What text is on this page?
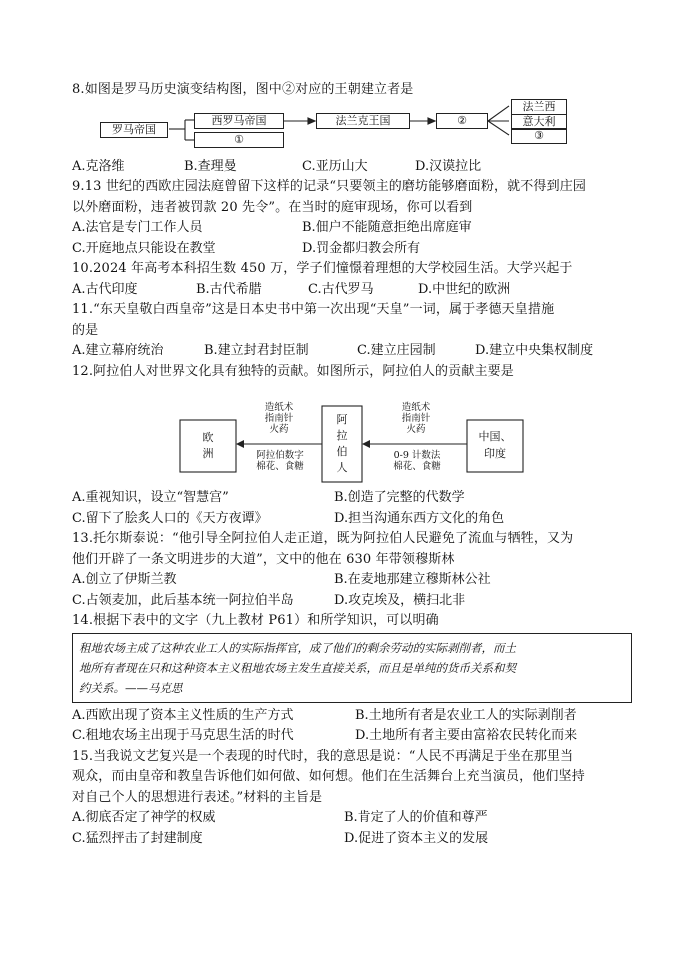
8.如图是罗马历史演变结构图，图中②对应的王朝建立者是
罗马帝国
西罗马帝国
①
法兰克王国	②
法兰西
意大利
③
A.克洛维	B.查理曼	C.亚历山大	D.汉谟拉比
9.13 世纪的西欧庄园法庭曾留下这样的记录“只要领主的磨坊能够磨面粉，就不得到庄园
以外磨面粉，违者被罚款 20 先令”。在当时的庭审现场，你可以看到
A.法官是专门工作人员	B.佃户不能随意拒绝出席庭审
C.开庭地点只能设在教堂	D.罚金都归教会所有
10.2024 年高考本科招生数 450 万，学子们憧憬着理想的大学校园生活。大学兴起于
A.古代印度	B.古代希腊	C.古代罗马	D.中世纪的欧洲
11.“东天皇敬白西皇帝”这是日本史书中第一次出现“天皇”一词，属于孝德天皇措施
的是
A.建立幕府统治	B.建立封君封臣制	C.建立庄园制	D.建立中央集权制度
12.阿拉伯人对世界文化具有独特的贡献。如图所示，阿拉伯人的贡献主要是
欧
洲
阿
拉
伯
人
中国、
印度
造纸术
指南针
火药
造纸术
指南针
火药
阿拉伯数字
棉花、食糖
0-9 计数法
棉花、食糖
A.重视知识，设立“智慧宫”	B.创造了完整的代数学
C.留下了脍炙人口的《天方夜谭》	D.担当沟通东西方文化的角色
13.托尔斯泰说：“他引导全阿拉伯人走正道，既为阿拉伯人民避免了流血与牺牲，又为
他们开辟了一条文明进步的大道”，文中的他在 630 年带领穆斯林
A.创立了伊斯兰教	B.在麦地那建立穆斯林公社
C.占领麦加，此后基本统一阿拉伯半岛	D.攻克埃及，横扫北非
14.根据下表中的文字（九上教材 P61）和所学知识，可以明确
租地农场主成了这种农业工人的实际指挥官，成了他们的剩余劳动的实际剥削者，而土
地所有者现在只和这种资本主义租地农场主发生直接关系，而且是单纯的货币关系和契
约关系。——马克思
A.西欧出现了资本主义性质的生产方式	B.土地所有者是农业工人的实际剥削者
C.租地农场主出现于马克思生活的时代	D.土地所有者主要由富裕农民转化而来
15.当我说文艺复兴是一个表现的时代时，我的意思是说：“人民不再满足于坐在那里当
观众，而由皇帝和教皇告诉他们如何做、如何想。他们在生活舞台上充当演员，他们坚持
对自己个人的思想进行表述。”材料的主旨是
A.彻底否定了神学的权威	B.肯定了人的价值和尊严
C.猛烈抨击了封建制度	D.促进了资本主义的发展
